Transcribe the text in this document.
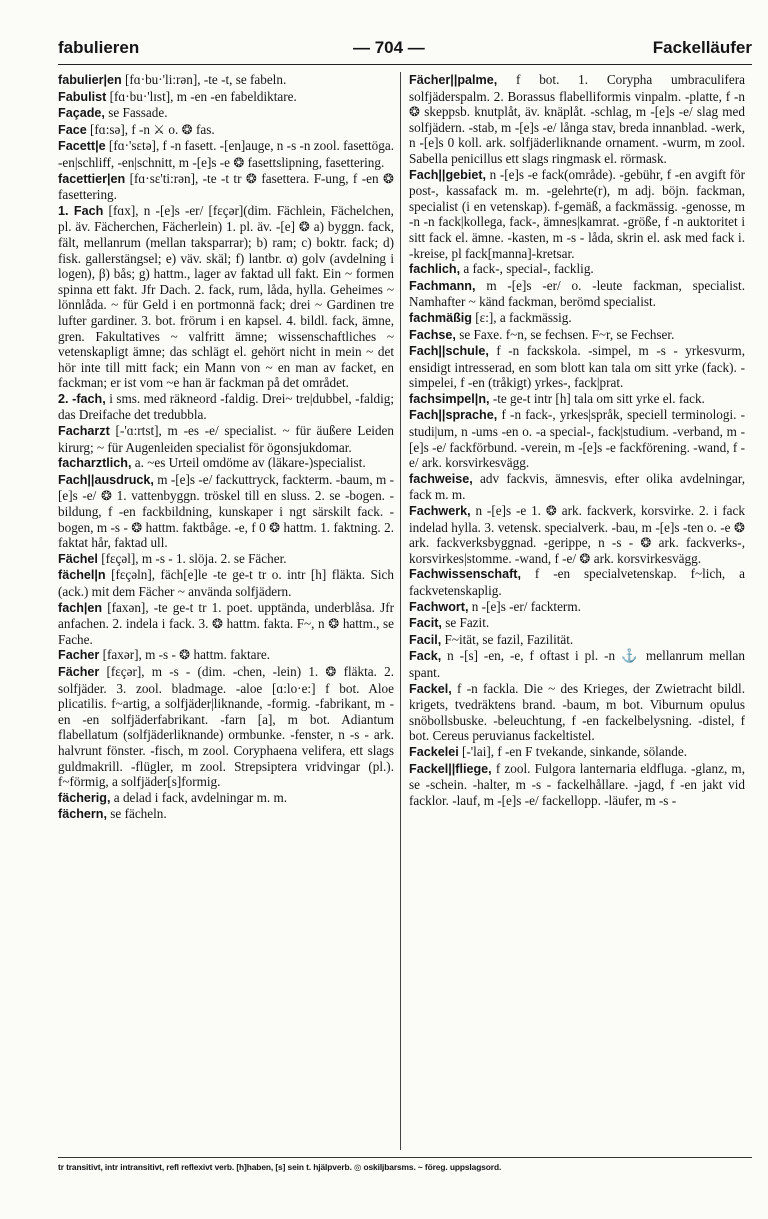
fabulieren	— 704 —	Fackelläufer

fabulier|en [fɑ·bu·'li:rən], -te -t, se fabeln.

Fabulist [fɑ·bu·'lɪst], m -en -en fabeldiktare.

Façade, se Fassade.

Face [fɑ:sə], f -n ⚔ o. ❂ fas.

Facett|e [fɑ·'sɛtə], f -n fasett. -[en]auge, n -s -n zool. fasettöga. -en|schliff, -en|schnitt, m -[e]s -e ❂ fasettslipning, fasettering.

facettier|en [fɑ·sɛ'ti:rən], -te -t tr ❂ fasettera. F-ung, f -en ❂ fasettering.

1. Fach [fɑx], n -[e]s -er/ [fɛçər](dim. Fächlein, Fächelchen, pl. äv. Fächerchen, Fächerlein) 1. pl. äv. -[e] ❂ a) byggn. fack, fält, mellanrum (mellan taksparrar); b) ram; c) boktr. fack; d) fisk. gallerstängsel; e) väv. skäl; f) lantbr. α) golv (avdelning i logen), β) bås; g) hattm., lager av faktad ull fakt. Ein ~ formen spinna ett fakt. Jfr Dach. 2. fack, rum, låda, hylla. Geheimes ~ lönnlåda. ~ für Geld i en portmonnä fack; drei ~ Gardinen tre lufter gardiner. 3. bot. frörum i en kapsel. 4. bildl. fack, ämne, gren. Fakultatives ~ valfritt ämne; wissenschaftliches ~ vetenskapligt ämne; das schlägt el. gehört nicht in mein ~ det hör inte till mitt fack; ein Mann von ~ en man av facket, en fackman; er ist vom ~e han är fackman på det området.

2. -fach, i sms. med räkneord -faldig. Drei~ tre|dubbel, -faldig; das Dreifache det tredubbla.

Facharzt [-'ɑ:rtst], m -es -e/ specialist. ~ für äußere Leiden kirurg; ~ für Augenleiden specialist för ögonsjukdomar.

facharztlich, a. ~es Urteil omdöme av (läkare-)specialist.

Fach||ausdruck, m -[e]s -e/ fackuttryck, fackterm. -baum, m -[e]s -e/ ❂ 1. vattenbyggn. tröskel till en sluss. 2. se -bogen. -bildung, f -en fackbildning, kunskaper i ngt särskilt fack. -bogen, m -s - ❂ hattm. faktbåge. -e, f 0 ❂ hattm. 1. faktning. 2. faktat hår, faktad ull.

Fächel [fɛçəl], m -s - 1. slöja. 2. se Fächer.

fächel|n [fɛçəln], fäch[e]le -te ge-t tr o. intr [h] fläkta. Sich (ack.) mit dem Fächer ~ använda solfjädern.

fach|en [faxən], -te ge-t tr 1. poet. upptända, underblåsa. Jfr anfachen. 2. indela i fack. 3. ❂ hattm. fakta. F~, n ❂ hattm., se Fache.

Facher [faxər], m -s - ❂ hattm. faktare.

Fächer [fɛçər], m -s - (dim. -chen, -lein) 1. ❂ fläkta. 2. solfjäder. 3. zool. bladmage. -aloe [ɑ:lo·e:] f bot. Aloe plicatilis. f~artig, a solfjäder|liknande, -formig. -fabrikant, m -en -en solfjäderfabrikant. -farn [a], m bot. Adiantum flabellatum (solfjäderliknande) ormbunke. -fenster, n -s - ark. halvrunt fönster. -fisch, m zool. Coryphaena velifera, ett slags guldmakrill. -flügler, m zool. Strepsiptera vridvingar (pl.). f~förmig, a solfjäder[s]formig.

fächerig, a delad i fack, avdelningar m. m.

fächern, se fächeln.

Fächer||palme, f bot. 1. Corypha umbraculifera solfjäderspalm. 2. Borassus flabelliformis vinpalm. -platte, f -n ❂ skeppsb. knutplåt, äv. knäplåt. -schlag, m -[e]s -e/ slag med solfjädern. -stab, m -[e]s -e/ långa stav, breda innanblad. -werk, n -[e]s 0 koll. ark. solfjäderliknande ornament. -wurm, m zool. Sabella penicillus ett slags ringmask el. rörmask.

Fach||gebiet, n -[e]s -e fack(område). -gebühr, f -en avgift för post-, kassafack m. m. -gelehrte(r), m adj. böjn. fackman, specialist (i en vetenskap). f-gemäß, a fackmässig. -genosse, m -n -n fack|kollega, fack-, ämnes|kamrat. -größe, f -n auktoritet i sitt fack el. ämne. -kasten, m -s - låda, skrin el. ask med fack i. -kreise, pl fack[manna]-kretsar.

fachlich, a fack-, special-, facklig.

Fachmann, m -[e]s -er/ o. -leute fackman, specialist. Namhafter ~ känd fackman, berömd specialist.

fachmäßig [ɛ:], a fackmässig.

Fachse, se Faxe. f~n, se fechsen. F~r, se Fechser.

Fach||schule, f -n fackskola. -simpel, m -s - yrkesvurm, ensidigt intresserad, en som blott kan tala om sitt yrke (fack). -simpelei, f -en (tråkigt) yrkes-, fack|prat.

fachsimpel|n, -te ge-t intr [h] tala om sitt yrke el. fack.

Fach||sprache, f -n fack-, yrkes|språk, speciell terminologi. -studi|um, n -ums -en o. -a special-, fack|studium. -verband, m -[e]s -e/ fackförbund. -verein, m -[e]s -e fackförening. -wand, f -e/ ark. korsvirkesvägg.

fachweise, adv fackvis, ämnesvis, efter olika avdelningar, fack m. m.

Fachwerk, n -[e]s -e 1. ❂ ark. fackverk, korsvirke. 2. i fack indelad hylla. 3. vetensk. specialverk. -bau, m -[e]s -ten o. -e ❂ ark. fackverksbyggnad. -gerippe, n -s - ❂ ark. fackverks-, korsvirkes|stomme. -wand, f -e/ ❂ ark. korsvirkesvägg.

Fachwissenschaft, f -en specialvetenskap. f~lich, a fackvetenskaplig.

Fachwort, n -[e]s -er/ fackterm.

Facit, se Fazit.

Facil, F~ität, se fazil, Fazilität.

Fack, n -[s] -en, -e, f oftast i pl. -n ⚓ mellanrum mellan spant.

Fackel, f -n fackla. Die ~ des Krieges, der Zwietracht bildl. krigets, tvedräktens brand. -baum, m bot. Viburnum opulus snöbollsbuske. -beleuchtung, f -en fackelbelysning. -distel, f bot. Cereus peruvianus fackeltistel.

Fackelei [-'lai], f -en F tvekande, sinkande, sölande.

Fackel||fliege, f zool. Fulgora lanternaria eldfluga. -glanz, m, se -schein. -halter, m -s - fackelhållare. -jagd, f -en jakt vid facklor. -lauf, m -[e]s -e/ fackellopp. -läufer, m -s -

tr transitivt, intr intransitivt, refl reflexivt verb. [h]haben, [s] sein t. hjälpverb. ◎ oskiljbarsms. ~ föreg. uppslagsord.
